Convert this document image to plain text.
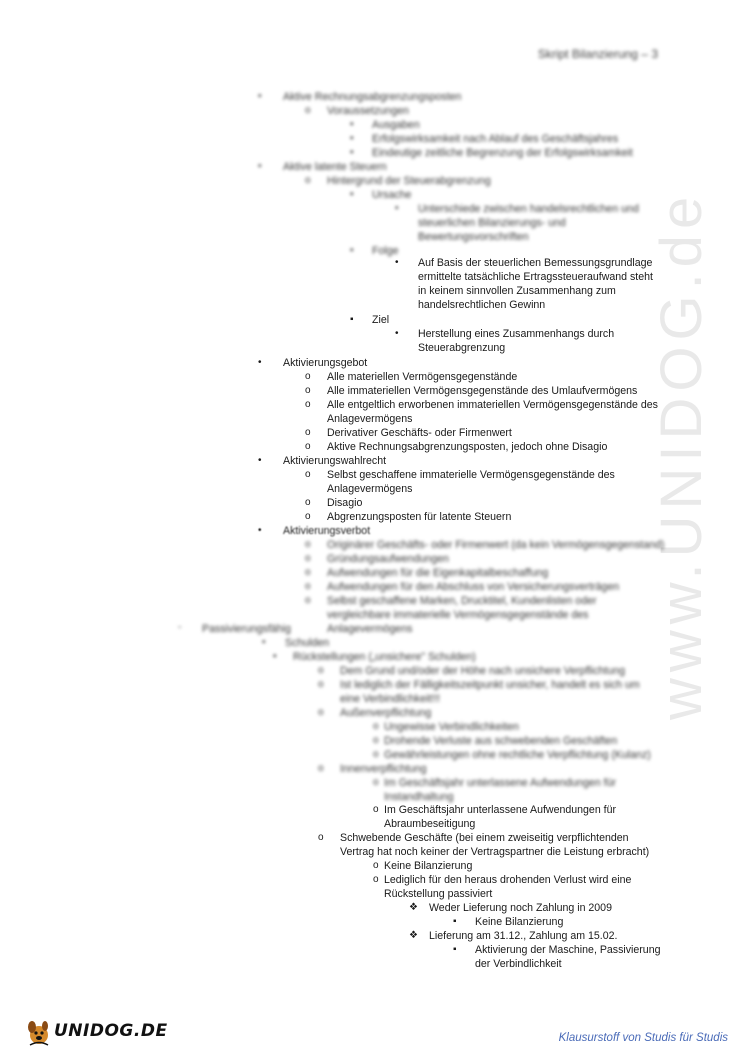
www.UNIDOG.de
Skript Bilanzierung – 3
• Aktive Rechnungsabgrenzungsposten
o Voraussetzungen
▪ Ausgaben
▪ Erfolgswirksamkeit nach Ablauf des Geschäftsjahres
▪ Eindeutige zeitliche Begrenzung der Erfolgswirksamkeit
• Aktive latente Steuern
o Hintergrund der Steuerabgrenzung
▪ Ursache
• Unterschiede zwischen handelsrechtlichen und steuerlichen Bilanzierungs- und Bewertungsvorschriften
▪ Folge
• Auf Basis der steuerlichen Bemessungsgrundlage ermittelte tatsächliche Ertragssteueraufwand steht in keinem sinnvollen Zusammenhang zum handelsrechtlichen Gewinn
▪ Ziel
• Herstellung eines Zusammenhangs durch Steuerabgrenzung
• Aktivierungsgebot
o Alle materiellen Vermögensgegenstände
o Alle immateriellen Vermögensgegenstände des Umlaufvermögens
o Alle entgeltlich erworbenen immateriellen Vermögensgegenstände des Anlagevermögens
o Derivativer Geschäfts- oder Firmenwert
o Aktive Rechnungsabgrenzungsposten, jedoch ohne Disagio
• Aktivierungswahlrecht
o Selbst geschaffene immaterielle Vermögensgegenstände des Anlagevermögens
o Disagio
o Abgrenzungsposten für latente Steuern
• Aktivierungsverbot
o Originärer Geschäfts- oder Firmenwert (da kein Vermögensgegenstand)
o Gründungsaufwendungen
o Aufwendungen für die Eigenkapitalbeschaffung
o Aufwendungen für den Abschluss von Versicherungsverträgen
o Selbst geschaffene Marken, Drucktitel, Kundenlisten oder vergleichbare immaterielle Vermögensgegenstände des Anlagevermögens
- Passivierungsfähig
• Schulden
▪ Rückstellungen („unsichere" Schulden)
o Dem Grund und/oder der Höhe nach unsichere Verpflichtung
o Ist lediglich der Fälligkeitszeitpunkt unsicher, handelt es sich um eine Verbindlichkeit!!!
o Außenverpflichtung
o Ungewisse Verbindlichkeiten
o Drohende Verluste aus schwebenden Geschäften
o Gewährleistungen ohne rechtliche Verpflichtung (Kulanz)
o Innenverpflichtung
o Im Geschäftsjahr unterlassene Aufwendungen für Instandhaltung
o Im Geschäftsjahr unterlassene Aufwendungen für Abraumbeseitigung
o Schwebende Geschäfte (bei einem zweiseitig verpflichtenden Vertrag hat noch keiner der Vertragspartner die Leistung erbracht)
o Keine Bilanzierung
o Lediglich für den heraus drohenden Verlust wird eine Rückstellung passiviert
❖ Weder Lieferung noch Zahlung in 2009
▪ Keine Bilanzierung
❖ Lieferung am 31.12., Zahlung am 15.02.
▪ Aktivierung der Maschine, Passivierung der Verbindlichkeit
UNIDOG.DE	Klausurstoff von Studis für Studis
